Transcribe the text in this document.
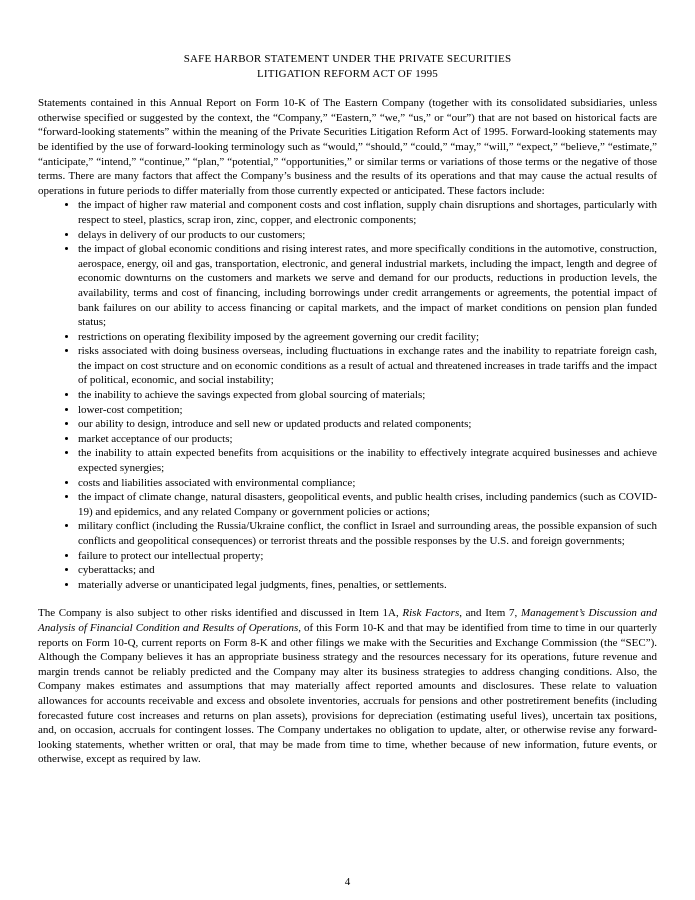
SAFE HARBOR STATEMENT UNDER THE PRIVATE SECURITIES
LITIGATION REFORM ACT OF 1995

Statements contained in this Annual Report on Form 10-K of The Eastern Company (together with its consolidated subsidiaries, unless otherwise specified or suggested by the context, the “Company,” “Eastern,” “we,” “us,” or “our”) that are not based on historical facts are “forward-looking statements” within the meaning of the Private Securities Litigation Reform Act of 1995. Forward-looking statements may be identified by the use of forward-looking terminology such as “would,” “should,” “could,” “may,” “will,” “expect,” “believe,” “estimate,” “anticipate,” “intend,” “continue,” “plan,” “potential,” “opportunities,” or similar terms or variations of those terms or the negative of those terms. There are many factors that affect the Company’s business and the results of its operations and that may cause the actual results of operations in future periods to differ materially from those currently expected or anticipated. These factors include:

• the impact of higher raw material and component costs and cost inflation, supply chain disruptions and shortages, particularly with respect to steel, plastics, scrap iron, zinc, copper, and electronic components;
• delays in delivery of our products to our customers;
• the impact of global economic conditions and rising interest rates, and more specifically conditions in the automotive, construction, aerospace, energy, oil and gas, transportation, electronic, and general industrial markets, including the impact, length and degree of economic downturns on the customers and markets we serve and demand for our products, reductions in production levels, the availability, terms and cost of financing, including borrowings under credit arrangements or agreements, the potential impact of bank failures on our ability to access financing or capital markets, and the impact of market conditions on pension plan funded status;
• restrictions on operating flexibility imposed by the agreement governing our credit facility;
• risks associated with doing business overseas, including fluctuations in exchange rates and the inability to repatriate foreign cash, the impact on cost structure and on economic conditions as a result of actual and threatened increases in trade tariffs and the impact of political, economic, and social instability;
• the inability to achieve the savings expected from global sourcing of materials;
• lower-cost competition;
• our ability to design, introduce and sell new or updated products and related components;
• market acceptance of our products;
• the inability to attain expected benefits from acquisitions or the inability to effectively integrate acquired businesses and achieve expected synergies;
• costs and liabilities associated with environmental compliance;
• the impact of climate change, natural disasters, geopolitical events, and public health crises, including pandemics (such as COVID-19) and epidemics, and any related Company or government policies or actions;
• military conflict (including the Russia/Ukraine conflict, the conflict in Israel and surrounding areas, the possible expansion of such conflicts and geopolitical consequences) or terrorist threats and the possible responses by the U.S. and foreign governments;
• failure to protect our intellectual property;
• cyberattacks; and
• materially adverse or unanticipated legal judgments, fines, penalties, or settlements.

The Company is also subject to other risks identified and discussed in Item 1A, Risk Factors, and Item 7, Management’s Discussion and Analysis of Financial Condition and Results of Operations, of this Form 10-K and that may be identified from time to time in our quarterly reports on Form 10-Q, current reports on Form 8-K and other filings we make with the Securities and Exchange Commission (the “SEC”). Although the Company believes it has an appropriate business strategy and the resources necessary for its operations, future revenue and margin trends cannot be reliably predicted and the Company may alter its business strategies to address changing conditions. Also, the Company makes estimates and assumptions that may materially affect reported amounts and disclosures. These relate to valuation allowances for accounts receivable and excess and obsolete inventories, accruals for pensions and other postretirement benefits (including forecasted future cost increases and returns on plan assets), provisions for depreciation (estimating useful lives), uncertain tax positions, and, on occasion, accruals for contingent losses. The Company undertakes no obligation to update, alter, or otherwise revise any forward-looking statements, whether written or oral, that may be made from time to time, whether because of new information, future events, or otherwise, except as required by law.

4
